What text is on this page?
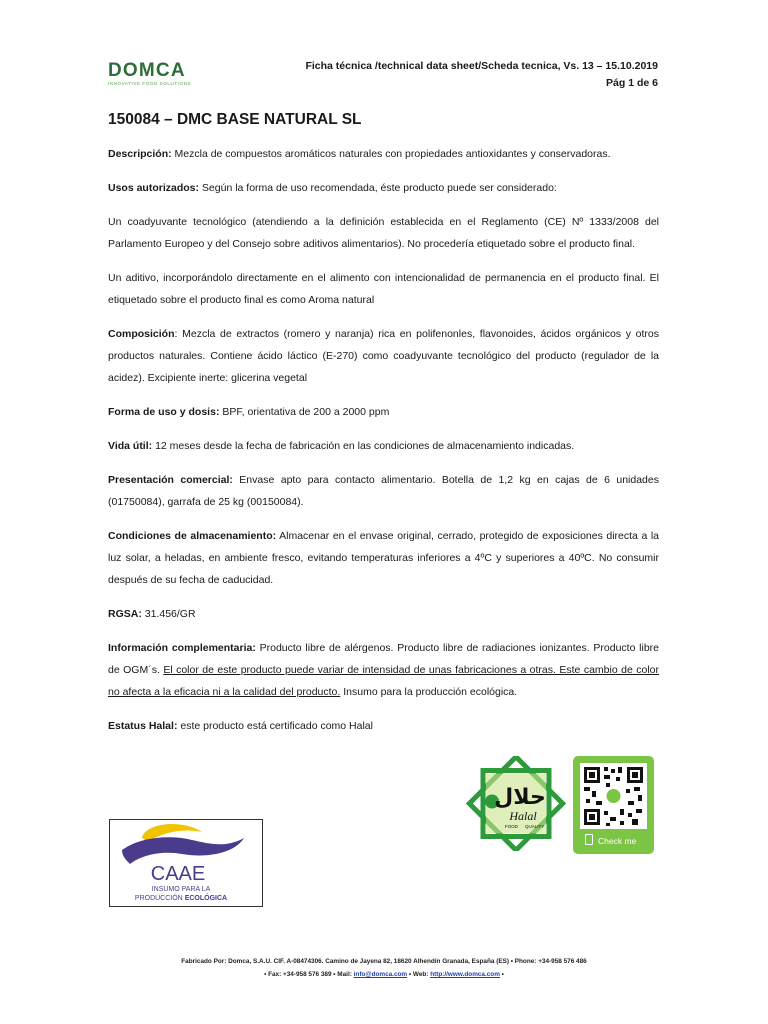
DOMCA
INNOVATIVE FOOD SOLUTIONS
Ficha técnica /technical data sheet/Scheda tecnica, Vs. 13 – 15.10.2019
Pág 1 de 6
150084 – DMC BASE NATURAL SL

Descripción: Mezcla de compuestos aromáticos naturales con propiedades antioxidantes y conservadoras.

Usos autorizados: Según la forma de uso recomendada, éste producto puede ser considerado:

Un coadyuvante tecnológico (atendiendo a la definición establecida en el Reglamento (CE) Nº 1333/2008 del Parlamento Europeo y del Consejo sobre aditivos alimentarios). No procedería etiquetado sobre el producto final.

Un aditivo, incorporándolo directamente en el alimento con intencionalidad de permanencia en el producto final. El etiquetado sobre el producto final es como Aroma natural

Composición: Mezcla de extractos (romero y naranja) rica en polifenonles, flavonoides, ácidos orgánicos y otros productos naturales. Contiene ácido láctico (E-270) como coadyuvante tecnológico del producto (regulador de la acidez). Excipiente inerte: glicerina vegetal

Forma de uso y dosis: BPF, orientativa de 200 a 2000 ppm

Vida útil: 12 meses desde la fecha de fabricación en las condiciones de almacenamiento indicadas.

Presentación comercial: Envase apto para contacto alimentario. Botella de 1,2 kg en cajas de 6 unidades (01750084), garrafa de 25 kg (00150084).

Condiciones de almacenamiento: Almacenar en el envase original, cerrado, protegido de exposiciones directa a la luz solar, a heladas, en ambiente fresco, evitando temperaturas inferiores a 4ºC y superiores a 40ºC. No consumir después de su fecha de caducidad.

RGSA: 31.456/GR

Información complementaria: Producto libre de alérgenos. Producto libre de radiaciones ionizantes. Producto libre de OGM´s. El color de este producto puede variar de intensidad de unas fabricaciones a otras. Este cambio de color no afecta a la eficacia ni a la calidad del producto. Insumo para la producción ecológica.

Estatus Halal: este producto está certificado como Halal

CAAE
INSUMO PARA LA
PRODUCCIÓN ECOLÓGICA
حلال
Halal
FOOD QUALITY
Check me
Fabricado Por: Domca, S.A.U. CIF. A-08474306. Camino de Jayena 82, 18620 Alhendín Granada, España (ES) • Phone: +34-958 576 486
• Fax: +34-958 576 389 • Mail: info@domca.com • Web: http://www.domca.com •
